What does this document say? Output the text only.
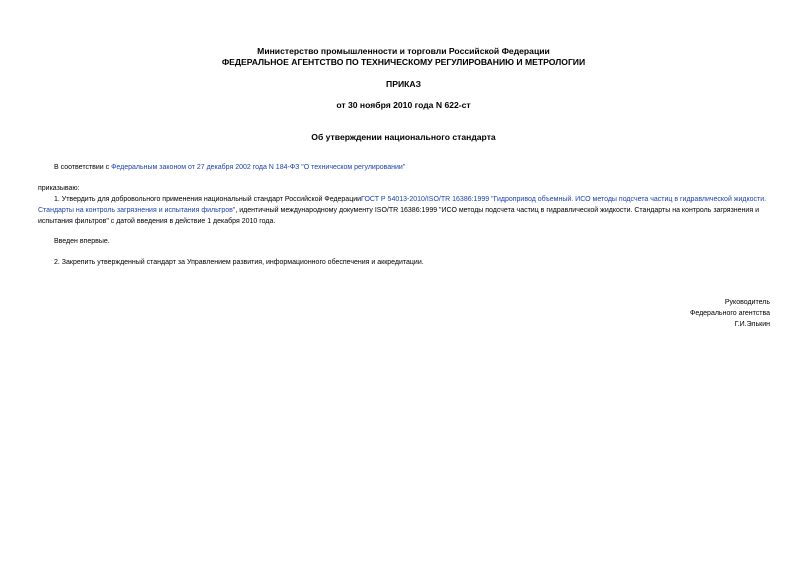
Министерство промышленности и торговли Российской Федерации
ФЕДЕРАЛЬНОЕ АГЕНТСТВО ПО ТЕХНИЧЕСКОМУ РЕГУЛИРОВАНИЮ И МЕТРОЛОГИИ
ПРИКАЗ
от 30 ноября 2010 года N 622-ст
Об утверждении национального стандарта
В соответствии с Федеральным законом от 27 декабря 2002 года N 184-ФЗ "О техническом регулировании"
приказываю:
1. Утвердить для добровольного применения национальный стандарт Российской ФедерацииГОСТ Р 54013-2010/ISO/TR 16386:1999 "Гидропривод объемный. ИСО методы подсчета частиц в гидравлической жидкости. Стандарты на контроль загрязнения и испытания фильтров", идентичный международному документу ISO/TR 16386:1999 "ИСО методы подсчета частиц в гидравлической жидкости. Стандарты на контроль загрязнения и испытания фильтров" с датой введения в действие 1 декабря 2010 года.
Введен впервые.
2. Закрепить утвержденный стандарт за Управлением развития, информационного обеспечения и аккредитации.
Руководитель
Федерального агентства
Г.И.Элькин
